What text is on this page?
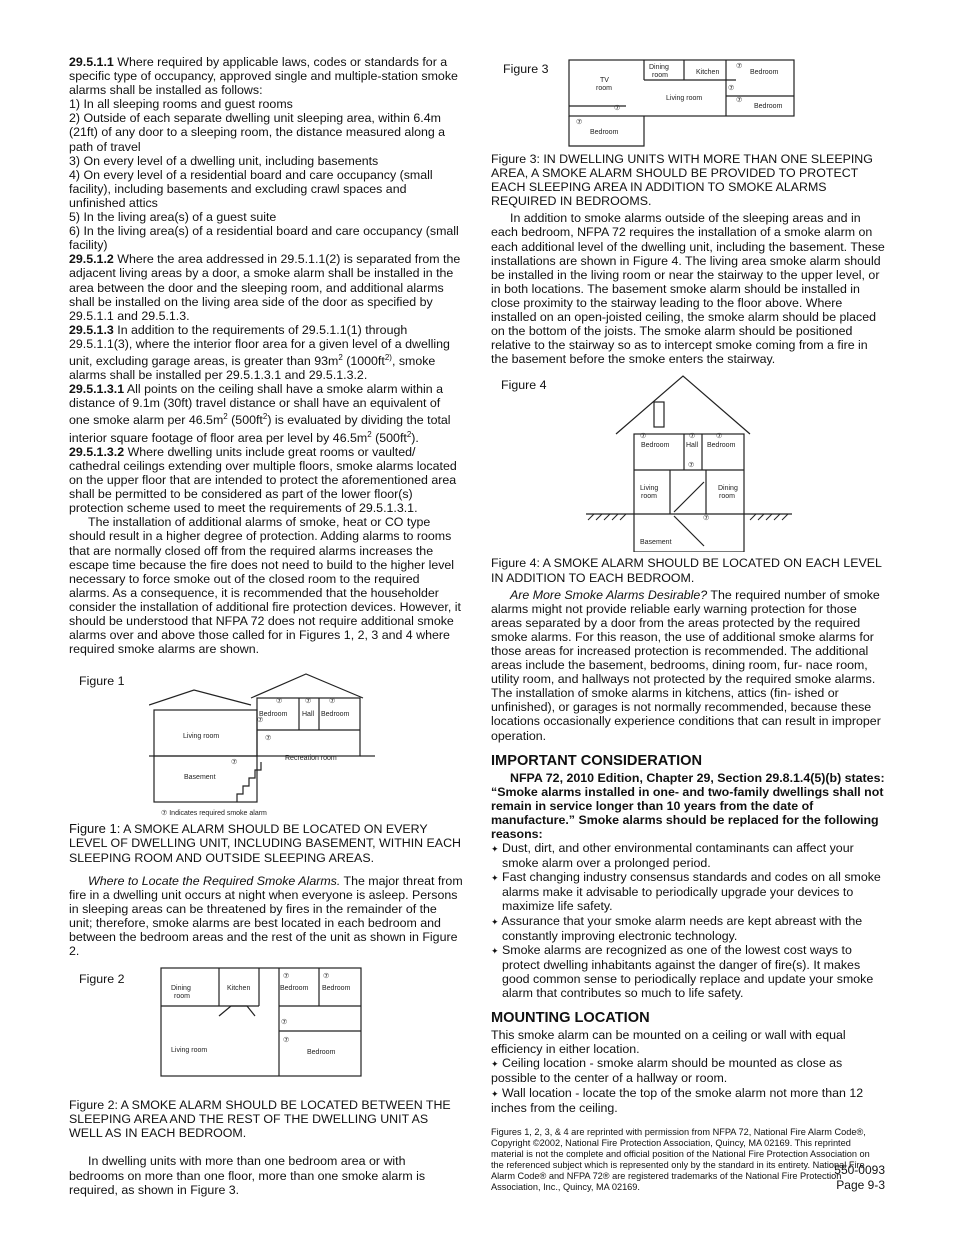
29.5.1.1 Where required by applicable laws, codes or standards for a specific type of occupancy, approved single and multiple-station smoke alarms shall be installed as follows:

1) In all sleeping rooms and guest rooms

2) Outside of each separate dwelling unit sleeping area, within 6.4m (21ft) of any door to a sleeping room, the distance measured along a path of travel

3) On every level of a dwelling unit, including basements

4) On every level of a residential board and care occupancy (small facility), including basements and excluding crawl spaces and unfinished attics

5) In the living area(s) of a guest suite

6) In the living area(s) of a residential board and care occupancy (small facility)

29.5.1.2 Where the area addressed in 29.5.1.1(2) is separated from the adjacent living areas by a door, a smoke alarm shall be installed in the area between the door and the sleeping room, and additional alarms shall be installed on the living area side of the door as specified by 29.5.1.1 and 29.5.1.3.

29.5.1.3 In addition to the requirements of 29.5.1.1(1) through 29.5.1.1(3), where the interior floor area for a given level of a dwelling unit, excluding garage areas, is greater than $93m^2$ ($1000ft^{2)}$, smoke alarms shall be installed per 29.5.1.3.1 and 29.5.1.3.2.

29.5.1.3.1 All points on the ceiling shall have a smoke alarm within a distance of 9.1m (30ft) travel distance or shall have an equivalent of one smoke alarm per $46.5m^2$ $(500ft^2)$ is evaluated by dividing the total interior square footage of floor area per level by $46.5m^2$ $(500ft^2)$.

29.5.1.3.2 Where dwelling units include great rooms or vaulted/ cathedral ceilings extending over multiple floors, smoke alarms located on the upper floor that are intended to protect the aforementioned area shall be permitted to be considered as part of the lower floor(s) protection scheme used to meet the requirements of 29.5.1.3.1.

The installation of additional alarms of smoke, heat or CO type should result in a higher degree of protection. Adding alarms to rooms that are normally closed off from the required alarms increases the escape time because the fire does not need to build to the higher level necessary to force smoke out of the closed room to the required alarms. As a consequence, it is recommended that the householder consider the installation of additional fire protection devices. However, it should be understood that NFPA 72 does not require additional smoke alarms over and above those called for in Figures 1, 2, 3 and 4 where required smoke alarms are shown.

Figure 1
Bedroom Hall Bedroom
Living room
Recreation room
Basement
⑦ Indicates required smoke alarm
⑦	⑦	⑦
⑦
⑦
⑦

Figure 1: A SMOKE ALARM SHOULD BE LOCATED ON EVERY LEVEL OF DWELLING UNIT, INCLUDING BASEMENT, WITHIN EACH SLEEPING ROOM AND OUTSIDE SLEEPING AREAS.

Where to Locate the Required Smoke Alarms. The major threat from fire in a dwelling unit occurs at night when everyone is asleep. Persons in sleeping areas can be threatened by fires in the remainder of the unit; therefore, smoke alarms are best located in each bedroom and between the bedroom areas and the rest of the unit as shown in Figure 2.

Figure 2
Dining
room
Kitchen	Bedroom Bedroom
Living room	Bedroom
⑦	⑦
⑦
⑦

Figure 2: A SMOKE ALARM SHOULD BE LOCATED BETWEEN THE SLEEPING AREA AND THE REST OF THE DWELLING UNIT AS WELL AS IN EACH BEDROOM.

In dwelling units with more than one bedroom area or with bedrooms on more than one floor, more than one smoke alarm is required, as shown in Figure 3.

Figure 3
TV
room
Dining
room	Kitchen	Bedroom
Living room
Bedroom
Bedroom
⑦
⑦
⑦
⑦
⑦

Figure 3: IN DWELLING UNITS WITH MORE THAN ONE SLEEPING AREA, A SMOKE ALARM SHOULD BE PROVIDED TO PROTECT EACH SLEEPING AREA IN ADDITION TO SMOKE ALARMS REQUIRED IN BEDROOMS.

In addition to smoke alarms outside of the sleeping areas and in each bedroom, NFPA 72 requires the installation of a smoke alarm on each additional level of the dwelling unit, including the basement. These installations are shown in Figure 4. The living area smoke alarm should be installed in the living room or near the stairway to the upper level, or in both locations. The basement smoke alarm should be installed in close proximity to the stairway leading to the floor above. Where installed on an open-joisted ceiling, the smoke alarm should be placed on the bottom of the joists. The smoke alarm should be positioned relative to the stairway so as to intercept smoke coming from a fire in the basement before the smoke enters the stairway.

Figure 4
Bedroom Hall Bedroom
Living
room
Dining
room
Basement
⑦	⑦	⑦
⑦
⑦

Figure 4: A SMOKE ALARM SHOULD BE LOCATED ON EACH LEVEL IN ADDITION TO EACH BEDROOM.

Are More Smoke Alarms Desirable? The required number of smoke alarms might not provide reliable early warning protection for those areas separated by a door from the areas protected by the required smoke alarms. For this reason, the use of additional smoke alarms for those areas for increased protection is recommended. The additional areas include the basement, bedrooms, dining room, fur- nace room, utility room, and hallways not protected by the required smoke alarms. The installation of smoke alarms in kitchens, attics (fin- ished or unfinished), or garages is not normally recommended, because these locations occasionally experience conditions that can result in improper operation.

IMPORTANT CONSIDERATION

NFPA 72, 2010 Edition, Chapter 29, Section 29.8.1.4(5)(b) states: “Smoke alarms installed in one- and two-family dwellings shall not remain in service longer than 10 years from the date of manufacture.” Smoke alarms should be replaced for the following reasons:

✦ Dust, dirt, and other environmental contaminants can affect your smoke alarm over a prolonged period.

✦ Fast changing industry consensus standards and codes on all smoke alarms make it advisable to periodically upgrade your devices to maximize life safety.

✦ Assurance that your smoke alarm needs are kept abreast with the constantly improving electronic technology.

✦ Smoke alarms are recognized as one of the lowest cost ways to protect dwelling inhabitants against the danger of fire(s). It makes good common sense to periodically replace and update your smoke alarm that contributes so much to life safety.

MOUNTING LOCATION

This smoke alarm can be mounted on a ceiling or wall with equal efficiency in either location.

✦ Ceiling location - smoke alarm should be mounted as close as possible to the center of a hallway or room.

✦ Wall location - locate the top of the smoke alarm not more than 12 inches from the ceiling.

Figures 1, 2, 3, & 4 are reprinted with permission from NFPA 72, National Fire Alarm Code®, Copyright ©2002, National Fire Protection Association, Quincy, MA 02169. This reprinted material is not the complete and official position of the National Fire Protection Association on the referenced subject which is represented only by the standard in its entirety. National Fire Alarm Code® and NFPA 72® are registered trademarks of the National Fire Protection Association, Inc., Quincy, MA 02169.

550-0093
Page 9-3
